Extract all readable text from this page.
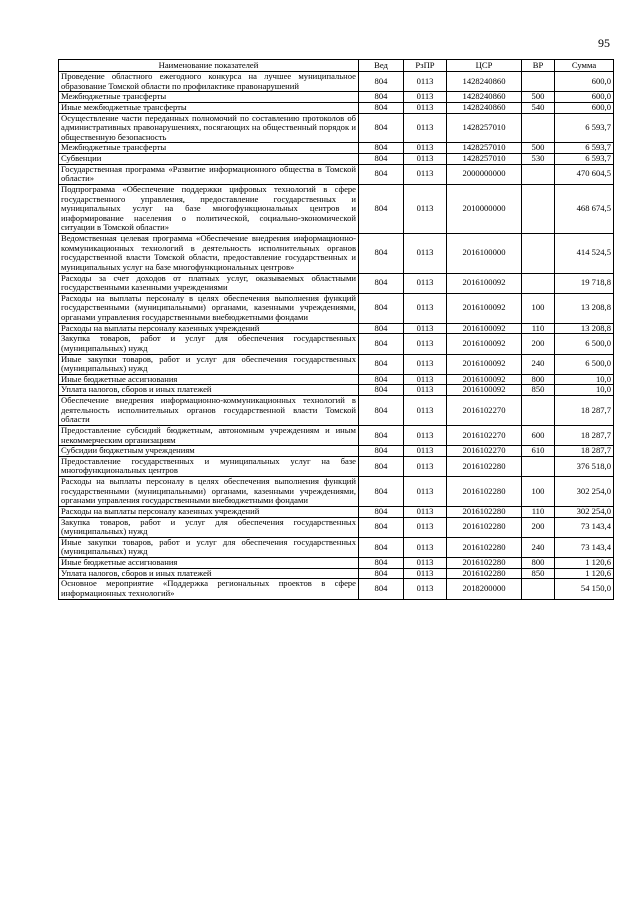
95
Наименование показателей	Вед	РзПР	ЦСР	ВР	Сумма
Проведение областного ежегодного конкурса на лучшее муниципальное образование Томской области по профилактике правонарушений	804	0113	1428240860		600,0
Межбюджетные трансферты	804	0113	1428240860	500	600,0
Иные межбюджетные трансферты	804	0113	1428240860	540	600,0
Осуществление части переданных полномочий по составлению протоколов об административных правонарушениях, посягающих на общественный порядок и общественную безопасность	804	0113	1428257010		6 593,7
Межбюджетные трансферты	804	0113	1428257010	500	6 593,7
Субвенции	804	0113	1428257010	530	6 593,7
Государственная программа «Развитие информационного общества в Томской области»	804	0113	2000000000		470 604,5
Подпрограмма «Обеспечение поддержки цифровых технологий в сфере государственного управления, предоставление государственных и муниципальных услуг на базе многофункциональных центров и информирование населения о политической, социально-экономической ситуации в Томской области»	804	0113	2010000000		468 674,5
Ведомственная целевая программа «Обеспечение внедрения информационно-коммуникационных технологий в деятельность исполнительных органов государственной власти Томской области, предоставление государственных и муниципальных услуг на базе многофункциональных центров»	804	0113	2016100000		414 524,5
Расходы за счет доходов от платных услуг, оказываемых областными государственными казенными учреждениями	804	0113	2016100092		19 718,8
Расходы на выплаты персоналу в целях обеспечения выполнения функций государственными (муниципальными) органами, казенными учреждениями, органами управления государственными внебюджетными фондами	804	0113	2016100092	100	13 208,8
Расходы на выплаты персоналу казенных учреждений	804	0113	2016100092	110	13 208,8
Закупка товаров, работ и услуг для обеспечения государственных (муниципальных) нужд	804	0113	2016100092	200	6 500,0
Иные закупки товаров, работ и услуг для обеспечения государственных (муниципальных) нужд	804	0113	2016100092	240	6 500,0
Иные бюджетные ассигнования	804	0113	2016100092	800	10,0
Уплата налогов, сборов и иных платежей	804	0113	2016100092	850	10,0
Обеспечение внедрения информационно-коммуникационных технологий в деятельность исполнительных органов государственной власти Томской области	804	0113	2016102270		18 287,7
Предоставление субсидий бюджетным, автономным учреждениям и иным некоммерческим организациям	804	0113	2016102270	600	18 287,7
Субсидии бюджетным учреждениям	804	0113	2016102270	610	18 287,7
Предоставление государственных и муниципальных услуг на базе многофункциональных центров	804	0113	2016102280		376 518,0
Расходы на выплаты персоналу в целях обеспечения выполнения функций государственными (муниципальными) органами, казенными учреждениями, органами управления государственными внебюджетными фондами	804	0113	2016102280	100	302 254,0
Расходы на выплаты персоналу казенных учреждений	804	0113	2016102280	110	302 254,0
Закупка товаров, работ и услуг для обеспечения государственных (муниципальных) нужд	804	0113	2016102280	200	73 143,4
Иные закупки товаров, работ и услуг для обеспечения государственных (муниципальных) нужд	804	0113	2016102280	240	73 143,4
Иные бюджетные ассигнования	804	0113	2016102280	800	1 120,6
Уплата налогов, сборов и иных платежей	804	0113	2016102280	850	1 120,6
Основное мероприятие «Поддержка региональных проектов в сфере информационных технологий»	804	0113	2018200000		54 150,0
